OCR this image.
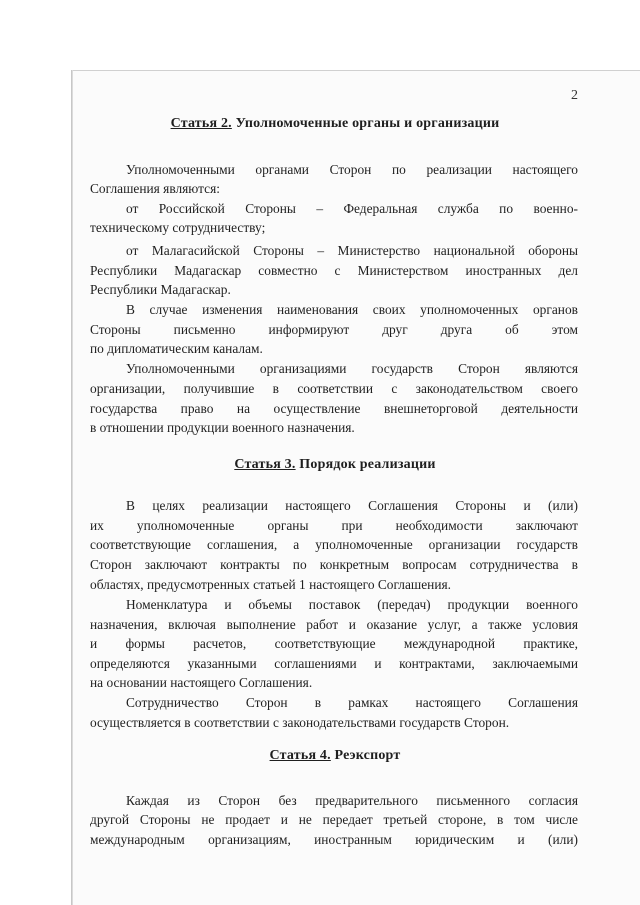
2
Статья 2. Уполномоченные органы и организации
Уполномоченными органами Сторон по реализации настоящего
Соглашения являются:
от Российской Стороны – Федеральная служба по военно-
техническому сотрудничеству;
от Малагасийской Стороны – Министерство национальной обороны
Республики Мадагаскар совместно с Министерством иностранных дел
Республики Мадагаскар.
В случае изменения наименования своих уполномоченных органов
Стороны письменно информируют друг друга об этом
по дипломатическим каналам.
Уполномоченными организациями государств Сторон являются
организации, получившие в соответствии с законодательством своего
государства право на осуществление внешнеторговой деятельности
в отношении продукции военного назначения.
Статья 3. Порядок реализации
В целях реализации настоящего Соглашения Стороны и (или)
их уполномоченные органы при необходимости заключают
соответствующие соглашения, а уполномоченные организации государств
Сторон заключают контракты по конкретным вопросам сотрудничества в
областях, предусмотренных статьей 1 настоящего Соглашения.
Номенклатура и объемы поставок (передач) продукции военного
назначения, включая выполнение работ и оказание услуг, а также условия
и формы расчетов, соответствующие международной практике,
определяются указанными соглашениями и контрактами, заключаемыми
на основании настоящего Соглашения.
Сотрудничество Сторон в рамках настоящего Соглашения
осуществляется в соответствии с законодательствами государств Сторон.
Статья 4. Реэкспорт
Каждая из Сторон без предварительного письменного согласия
другой Стороны не продает и не передает третьей стороне, в том числе
международным организациям, иностранным юридическим и (или)
